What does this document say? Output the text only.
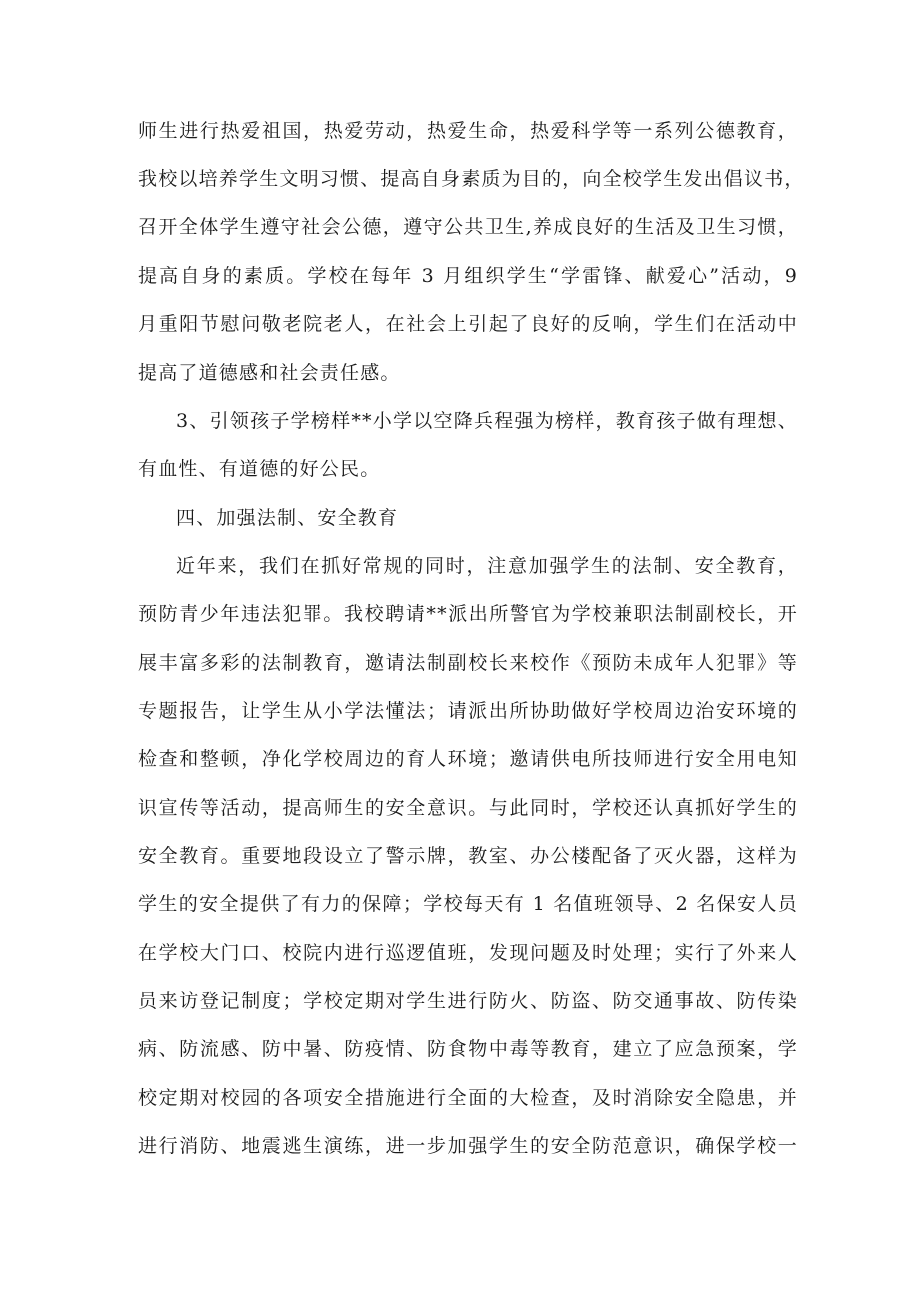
师生进行热爱祖国，热爱劳动，热爱生命，热爱科学等一系列公德教育，
我校以培养学生文明习惯、提高自身素质为目的，向全校学生发出倡议书，
召开全体学生遵守社会公德，遵守公共卫生,养成良好的生活及卫生习惯，
提高自身的素质。学校在每年 3 月组织学生“学雷锋、献爱心”活动，9
月重阳节慰问敬老院老人，在社会上引起了良好的反响，学生们在活动中
提高了道德感和社会责任感。
3、引领孩子学榜样**小学以空降兵程强为榜样，教育孩子做有理想、
有血性、有道德的好公民。
四、加强法制、安全教育
近年来，我们在抓好常规的同时，注意加强学生的法制、安全教育，
预防青少年违法犯罪。我校聘请**派出所警官为学校兼职法制副校长，开
展丰富多彩的法制教育，邀请法制副校长来校作《预防未成年人犯罪》等
专题报告，让学生从小学法懂法；请派出所协助做好学校周边治安环境的
检查和整顿，净化学校周边的育人环境；邀请供电所技师进行安全用电知
识宣传等活动，提高师生的安全意识。与此同时，学校还认真抓好学生的
安全教育。重要地段设立了警示牌，教室、办公楼配备了灭火器，这样为
学生的安全提供了有力的保障；学校每天有 1 名值班领导、2 名保安人员
在学校大门口、校院内进行巡逻值班，发现问题及时处理；实行了外来人
员来访登记制度；学校定期对学生进行防火、防盗、防交通事故、防传染
病、防流感、防中暑、防疫情、防食物中毒等教育，建立了应急预案，学
校定期对校园的各项安全措施进行全面的大检查，及时消除安全隐患，并
进行消防、地震逃生演练，进一步加强学生的安全防范意识，确保学校一
